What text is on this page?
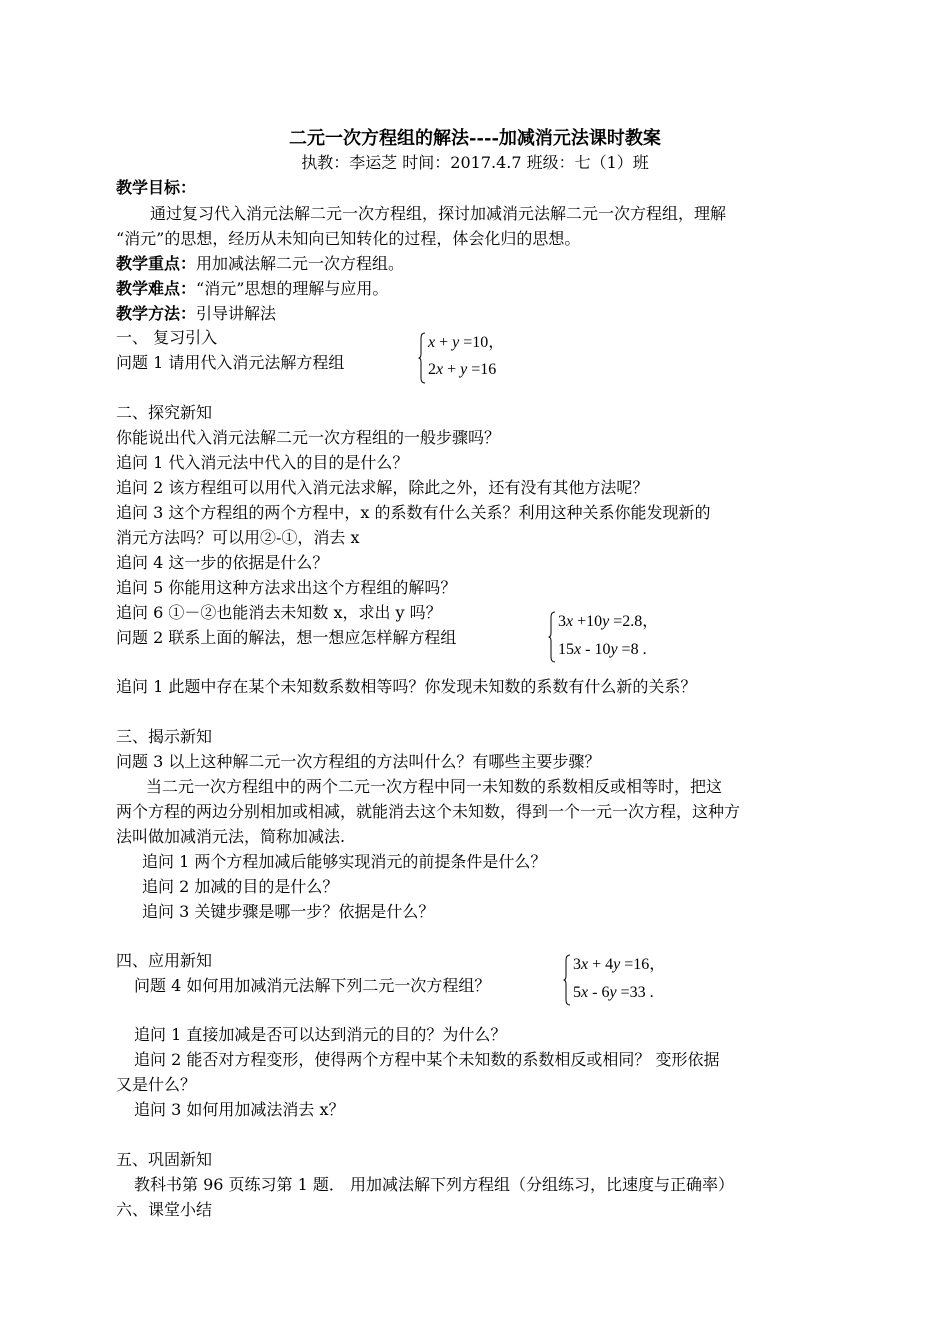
二元一次方程组的解法----加减消元法课时教案
执教：李运芝 时间：2017.4.7 班级：七（1）班
教学目标：
通过复习代入消元法解二元一次方程组，探讨加减消元法解二元一次方程组，理解
“消元”的思想，经历从未知向已知转化的过程，体会化归的思想。
教学重点：用加减法解二元一次方程组。
教学难点：“消元”思想的理解与应用。
教学方法：引导讲解法
一、 复习引入
问题 1 请用代入消元法解方程组
x + y =10，
2x + y =16
二、探究新知
你能说出代入消元法解二元一次方程组的一般步骤吗？
追问 1 代入消元法中代入的目的是什么？
追问 2 该方程组可以用代入消元法求解，除此之外，还有没有其他方法呢？
追问 3 这个方程组的两个方程中，x 的系数有什么关系？利用这种关系你能发现新的
消元方法吗？可以用②-①，消去 x
追问 4 这一步的依据是什么？
追问 5 你能用这种方法求出这个方程组的解吗？
追问 6 ①－②也能消去未知数 x，求出 y 吗？
问题 2 联系上面的解法，想一想应怎样解方程组
3x +10y =2.8，
15x - 10y =8 .
追问 1 此题中存在某个未知数系数相等吗？你发现未知数的系数有什么新的关系？
三、揭示新知
问题 3 以上这种解二元一次方程组的方法叫什么？有哪些主要步骤？
当二元一次方程组中的两个二元一次方程中同一未知数的系数相反或相等时，把这
两个方程的两边分别相加或相减，就能消去这个未知数，得到一个一元一次方程，这种方
法叫做加减消元法，简称加减法.
追问 1 两个方程加减后能够实现消元的前提条件是什么？
追问 2 加减的目的是什么？
追问 3 关键步骤是哪一步？依据是什么？
四、应用新知
问题 4 如何用加减消元法解下列二元一次方程组？
3x + 4y =16，
5x - 6y =33 .
追问 1 直接加减是否可以达到消元的目的？为什么？
追问 2 能否对方程变形，使得两个方程中某个未知数的系数相反或相同？ 变形依据
又是什么？
追问 3 如何用加减法消去 x？
五、巩固新知
教科书第 96 页练习第 1 题． 用加减法解下列方程组（分组练习，比速度与正确率）
六、课堂小结
